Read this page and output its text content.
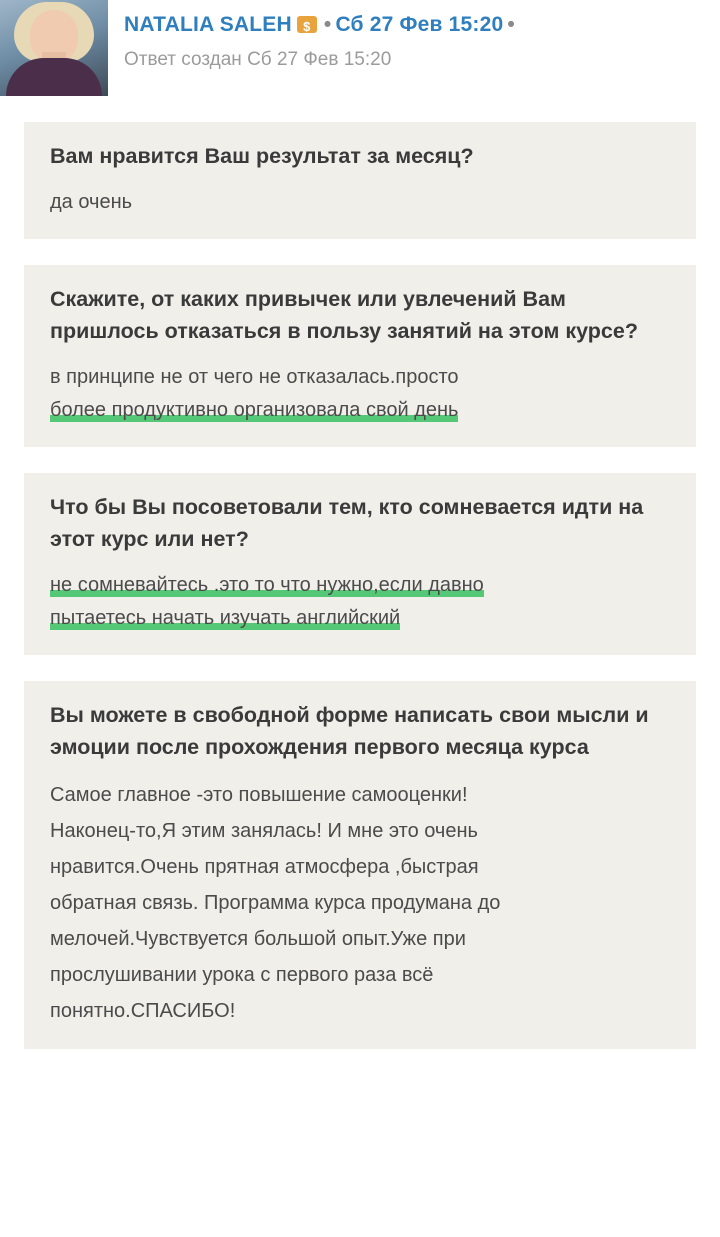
NATALIA SALEH $ • Сб 27 Фев 15:20 •
Ответ создан Сб 27 Фев 15:20

Вам нравится Ваш результат за месяц?

да очень

Скажите, от каких привычек или увлечений Вам пришлось отказаться в пользу занятий на этом курсе?

в принципе не от чего не отказалась.просто
более продуктивно организовала свой день

Что бы Вы посоветовали тем, кто сомневается идти на этот курс или нет?

не сомневайтесь .это то что нужно,если давно
пытаетесь начать изучать английский

Вы можете в свободной форме написать свои мысли и эмоции после прохождения первого месяца курса

Самое главное -это повышение самооценки!
Наконец-то,Я этим занялась! И мне это очень
нравится.Очень прятная атмосфера ,быстрая
обратная связь. Программа курса продумана до
мелочей.Чувствуется большой опыт.Уже при
прослушивании урока с первого раза всё
понятно.СПАСИБО!
